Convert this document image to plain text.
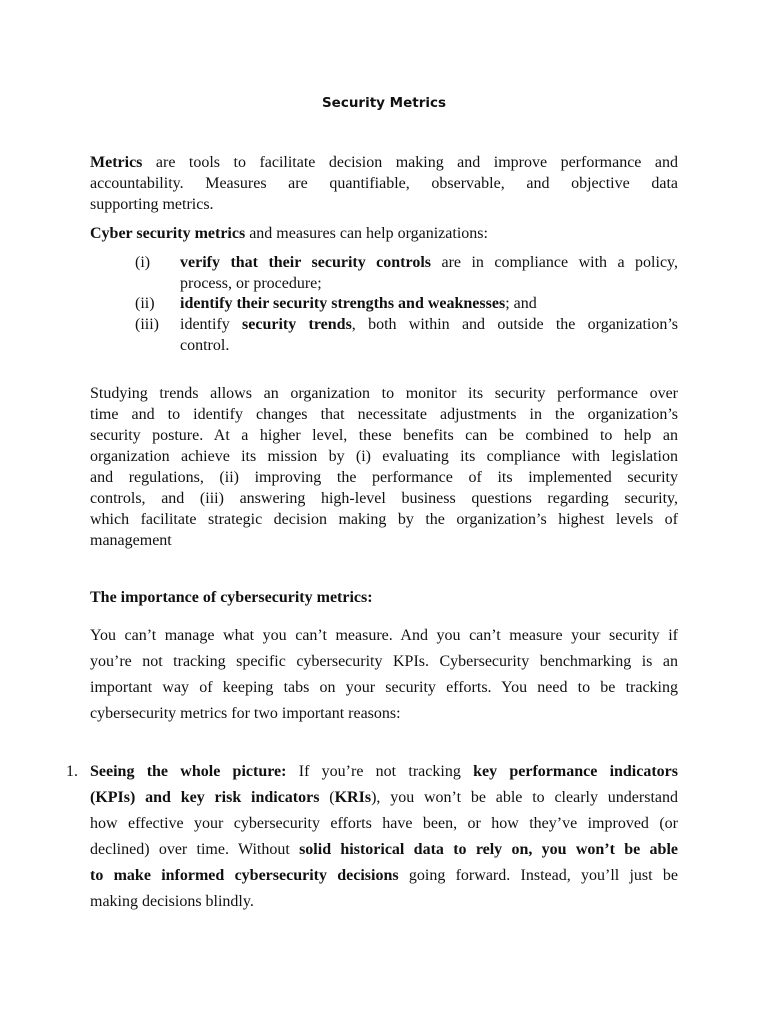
Security Metrics
Metrics are tools to facilitate decision making and improve performance and
accountability. Measures are quantifiable, observable, and objective data
supporting metrics.
Cyber security metrics and measures can help organizations:
(i) verify that their security controls are in compliance with a policy,
process, or procedure;
(ii) identify their security strengths and weaknesses; and
(iii) identify security trends, both within and outside the organization’s
control.
Studying trends allows an organization to monitor its security performance over
time and to identify changes that necessitate adjustments in the organization’s
security posture. At a higher level, these benefits can be combined to help an
organization achieve its mission by (i) evaluating its compliance with legislation
and regulations, (ii) improving the performance of its implemented security
controls, and (iii) answering high-level business questions regarding security,
which facilitate strategic decision making by the organization’s highest levels of
management
The importance of cybersecurity metrics:
You can’t manage what you can’t measure. And you can’t measure your security if
you’re not tracking specific cybersecurity KPIs. Cybersecurity benchmarking is an
important way of keeping tabs on your security efforts. You need to be tracking
cybersecurity metrics for two important reasons:
1. Seeing the whole picture: If you’re not tracking key performance indicators
(KPIs) and key risk indicators (KRIs), you won’t be able to clearly understand
how effective your cybersecurity efforts have been, or how they’ve improved (or
declined) over time. Without solid historical data to rely on, you won’t be able
to make informed cybersecurity decisions going forward. Instead, you’ll just be
making decisions blindly.
